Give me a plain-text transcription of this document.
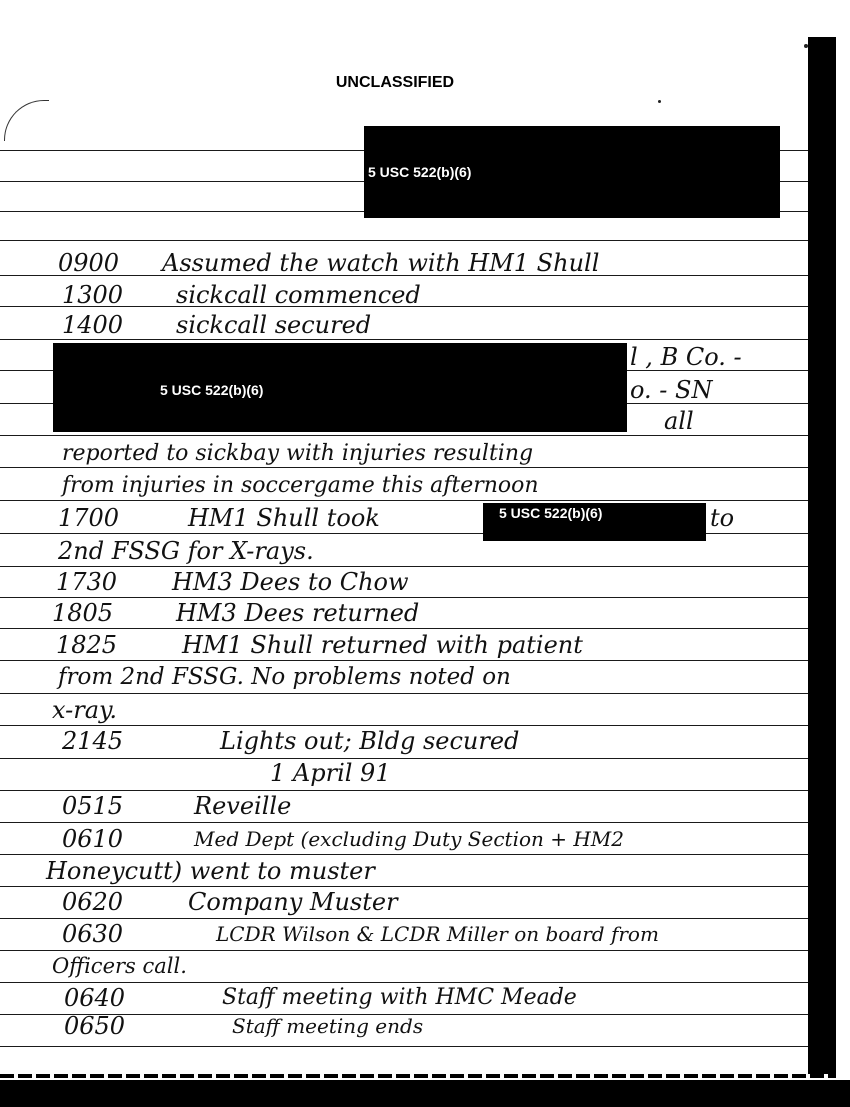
UNCLASSIFIED
5 USC 522(b)(6)
5 USC 522(b)(6)
5 USC 522(b)(6)
0900 Assumed the watch with HM1 Shull
1300 sickcall commenced
1400 sickcall secured
l , B Co. -
o. - SN
all
reported to sickbay with injuries resulting
from injuries in soccergame this afternoon
1700	HM1 Shull took	to
2nd FSSG for X-rays.
1730 HM3 Dees to Chow
1805	HM3 Dees returned
1825	HM1 Shull returned with patient
from 2nd FSSG. No problems noted on
x-ray.
2145	Lights out; Bldg secured
1 April 91
0515	Reveille
0610	Med Dept (excluding Duty Section + HM2
Honeycutt) went to muster
0620	Company Muster
0630	LCDR Wilson & LCDR Miller on board from
Officers call.
0640	Staff meeting with HMC Meade
0650	Staff meeting ends
